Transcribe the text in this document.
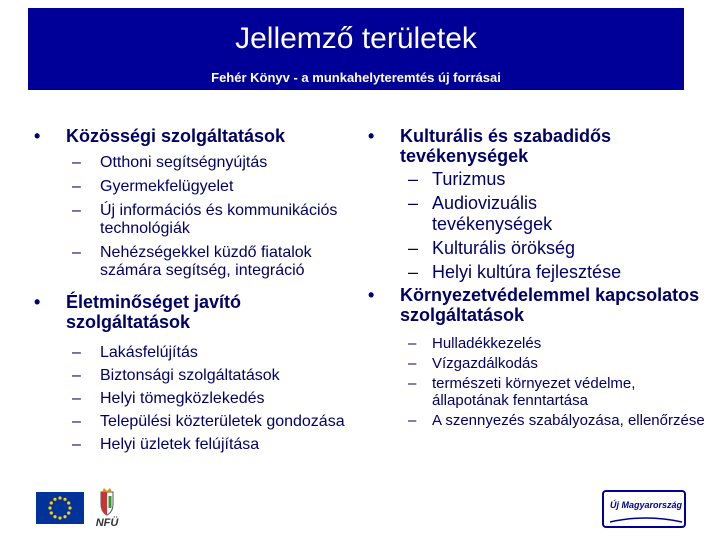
Jellemző területek
Fehér Könyv - a munkahelyteremtés új forrásai
•	Közösségi szolgáltatások
–	Otthoni segítségnyújtás
–	Gyermekfelügyelet
–	Új információs és kommunikációs technológiák
–	Nehézségekkel küzdő fiatalok számára segítség, integráció
•	Életminőséget javító szolgáltatások
–	Lakásfelújítás
–	Biztonsági szolgáltatások
–	Helyi tömegközlekedés
–	Települési közterületek gondozása
–	Helyi üzletek felújítása
•	Kulturális és szabadidős tevékenységek
– Turizmus
– Audiovizuális tevékenységek
– Kulturális örökség
– Helyi kultúra fejlesztése
•	Környezetvédelemmel kapcsolatos szolgáltatások
–	Hulladékkezelés
–	Vízgazdálkodás
–	természeti környezet védelme, állapotának fenntartása
–	A szennyezés szabályozása, ellenőrzése
NFÜ
Új Magyarország
